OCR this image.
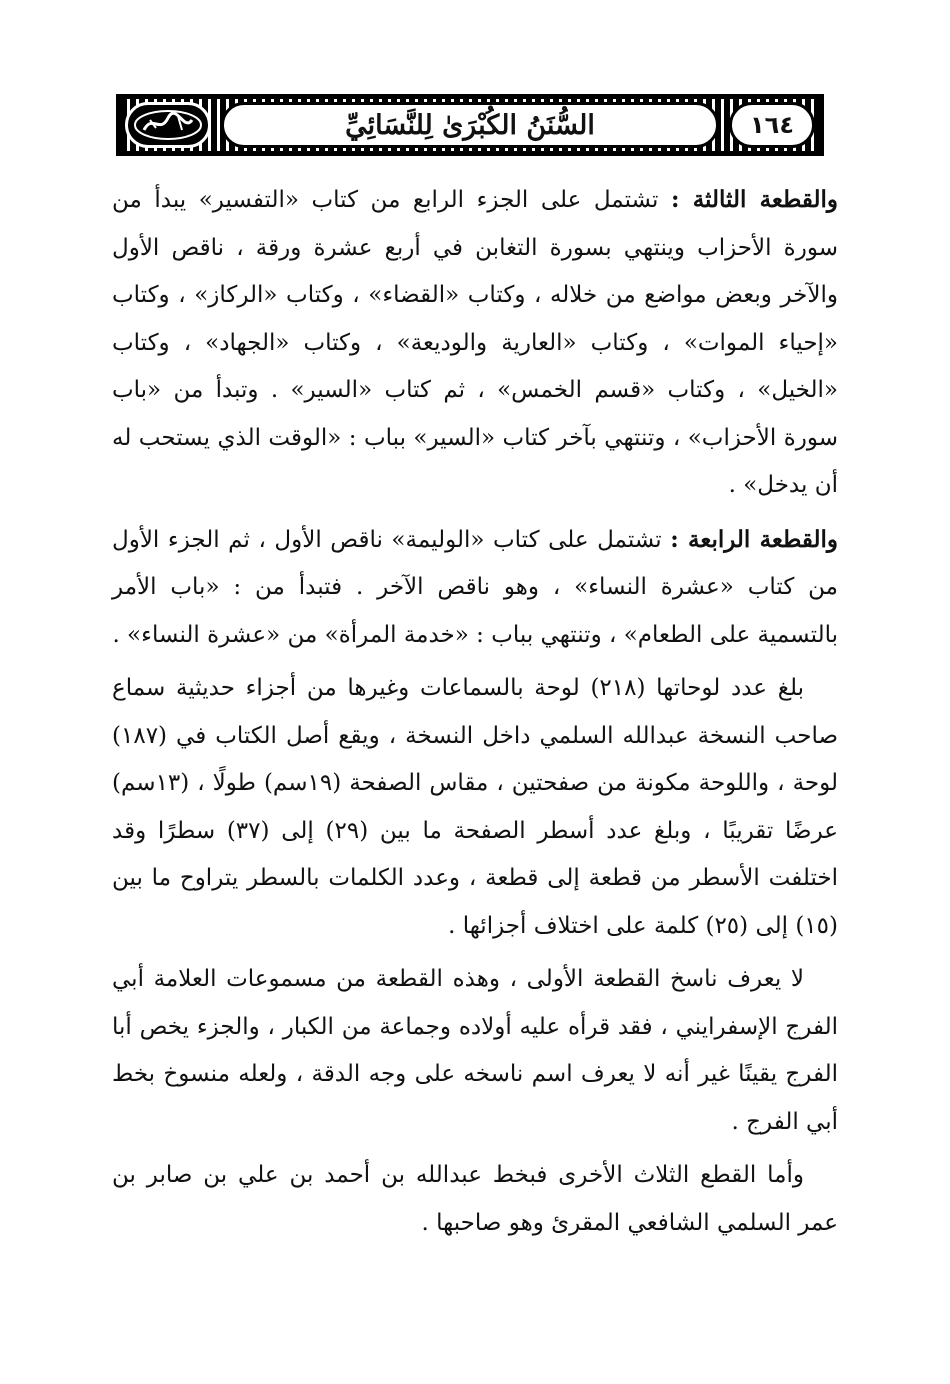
السُّنَنُ الكُبْرَىٰ لِلنَّسَائِيِّ	١٦٤

والقطعة الثالثة : تشتمل على الجزء الرابع من كتاب «التفسير» يبدأ من سورة الأحزاب وينتهي بسورة التغابن في أربع عشرة ورقة ، ناقص الأول والآخر وبعض مواضع من خلاله ، وكتاب «القضاء» ، وكتاب «الركاز» ، وكتاب «إحياء الموات» ، وكتاب «العارية والوديعة» ، وكتاب «الجهاد» ، وكتاب «الخيل» ، وكتاب «قسم الخمس» ، ثم كتاب «السير» . وتبدأ من «باب سورة الأحزاب» ، وتنتهي بآخر كتاب «السير» بباب : «الوقت الذي يستحب له أن يدخل» .

والقطعة الرابعة : تشتمل على كتاب «الوليمة» ناقص الأول ، ثم الجزء الأول من كتاب «عشرة النساء» ، وهو ناقص الآخر . فتبدأ من : «باب الأمر بالتسمية على الطعام» ، وتنتهي بباب : «خدمة المرأة» من «عشرة النساء» .

بلغ عدد لوحاتها (٢١٨) لوحة بالسماعات وغيرها من أجزاء حديثية سماع صاحب النسخة عبدالله السلمي داخل النسخة ، ويقع أصل الكتاب في (١٨٧) لوحة ، واللوحة مكونة من صفحتين ، مقاس الصفحة (١٩سم) طولًا ، (١٣سم) عرضًا تقريبًا ، وبلغ عدد أسطر الصفحة ما بين (٢٩) إلى (٣٧) سطرًا وقد اختلفت الأسطر من قطعة إلى قطعة ، وعدد الكلمات بالسطر يتراوح ما بين (١٥) إلى (٢٥) كلمة على اختلاف أجزائها .

لا يعرف ناسخ القطعة الأولى ، وهذه القطعة من مسموعات العلامة أبي الفرج الإسفرايني ، فقد قرأه عليه أولاده وجماعة من الكبار ، والجزء يخص أبا الفرج يقينًا غير أنه لا يعرف اسم ناسخه على وجه الدقة ، ولعله منسوخ بخط أبي الفرج .

وأما القطع الثلاث الأخرى فبخط عبدالله بن أحمد بن علي بن صابر بن عمر السلمي الشافعي المقرئ وهو صاحبها .
